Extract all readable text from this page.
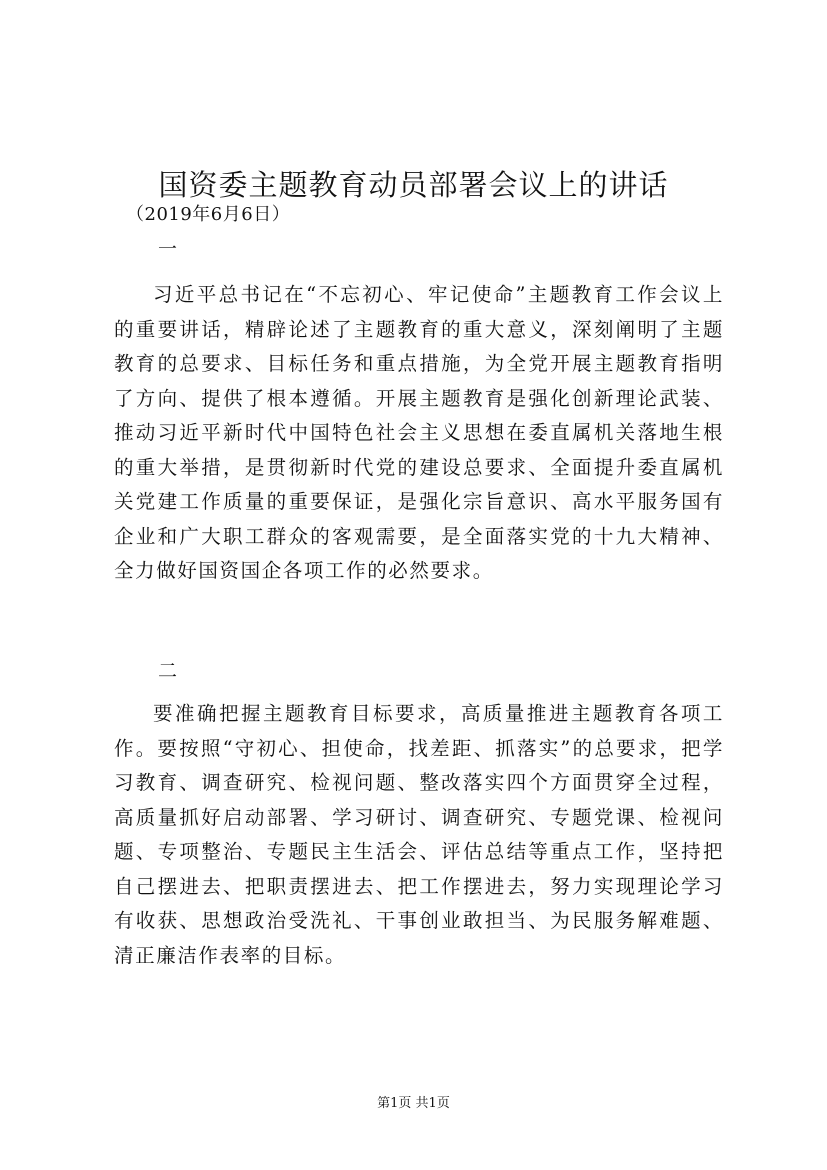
国资委主题教育动员部署会议上的讲话
（2019年6月6日）
一

习近平总书记在“不忘初心、牢记使命”主题教育工作会议上的重要讲话，精辟论述了主题教育的重大意义，深刻阐明了主题教育的总要求、目标任务和重点措施，为全党开展主题教育指明了方向、提供了根本遵循。开展主题教育是强化创新理论武装、推动习近平新时代中国特色社会主义思想在委直属机关落地生根的重大举措，是贯彻新时代党的建设总要求、全面提升委直属机关党建工作质量的重要保证，是强化宗旨意识、高水平服务国有企业和广大职工群众的客观需要，是全面落实党的十九大精神、全力做好国资国企各项工作的必然要求。

二

要准确把握主题教育目标要求，高质量推进主题教育各项工作。要按照“守初心、担使命，找差距、抓落实”的总要求，把学习教育、调查研究、检视问题、整改落实四个方面贯穿全过程，高质量抓好启动部署、学习研讨、调查研究、专题党课、检视问题、专项整治、专题民主生活会、评估总结等重点工作，坚持把自己摆进去、把职责摆进去、把工作摆进去，努力实现理论学习有收获、思想政治受洗礼、干事创业敢担当、为民服务解难题、清正廉洁作表率的目标。

第1页 共1页
